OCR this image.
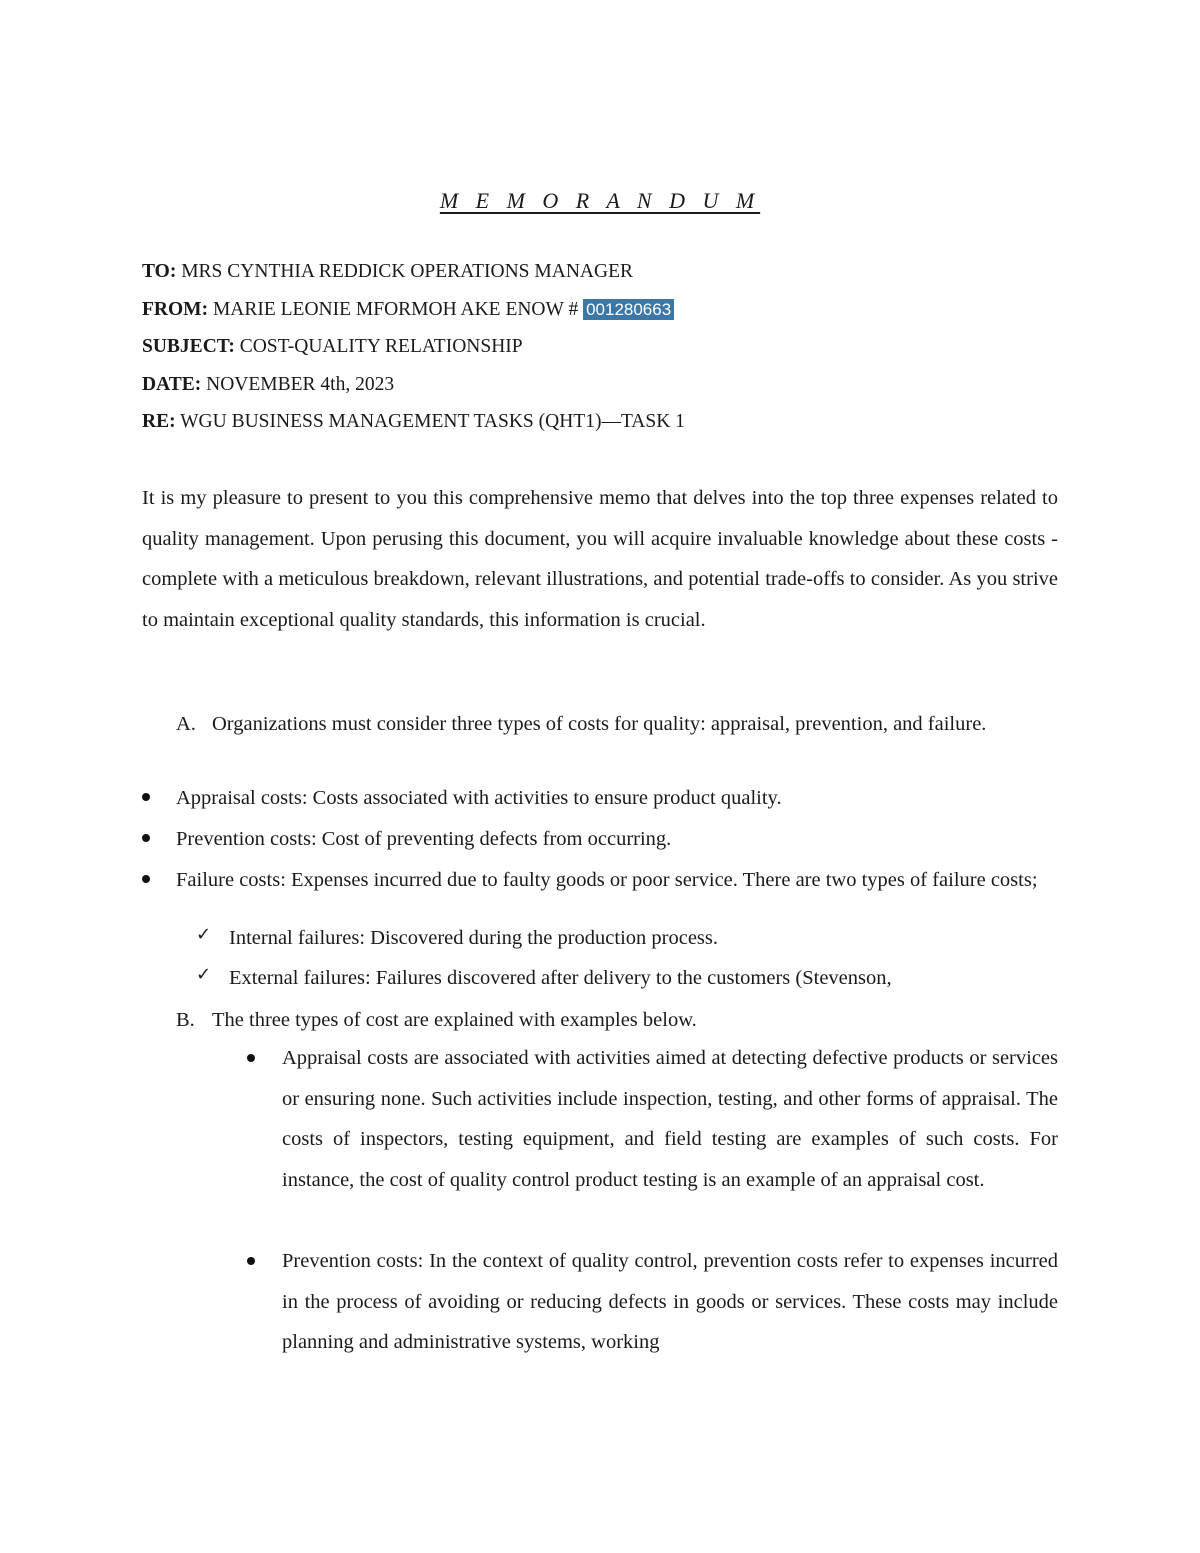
M E M O R A N D U M
TO: MRS CYNTHIA REDDICK OPERATIONS MANAGER
FROM: MARIE LEONIE MFORMOH AKE ENOW # 001280663
SUBJECT: COST-QUALITY RELATIONSHIP
DATE: NOVEMBER 4th, 2023
RE: WGU BUSINESS MANAGEMENT TASKS (QHT1)—TASK 1
It is my pleasure to present to you this comprehensive memo that delves into the top three expenses related to quality management. Upon perusing this document, you will acquire invaluable knowledge about these costs - complete with a meticulous breakdown, relevant illustrations, and potential trade-offs to consider. As you strive to maintain exceptional quality standards, this information is crucial.
A. Organizations must consider three types of costs for quality: appraisal, prevention, and failure.
Appraisal costs: Costs associated with activities to ensure product quality.
Prevention costs: Cost of preventing defects from occurring.
Failure costs: Expenses incurred due to faulty goods or poor service. There are two types of failure costs;
✓ Internal failures: Discovered during the production process.
✓ External failures: Failures discovered after delivery to the customers (Stevenson,
B. The three types of cost are explained with examples below.
Appraisal costs are associated with activities aimed at detecting defective products or services or ensuring none. Such activities include inspection, testing, and other forms of appraisal. The costs of inspectors, testing equipment, and field testing are examples of such costs. For instance, the cost of quality control product testing is an example of an appraisal cost.
Prevention costs: In the context of quality control, prevention costs refer to expenses incurred in the process of avoiding or reducing defects in goods or services. These costs may include planning and administrative systems, working
